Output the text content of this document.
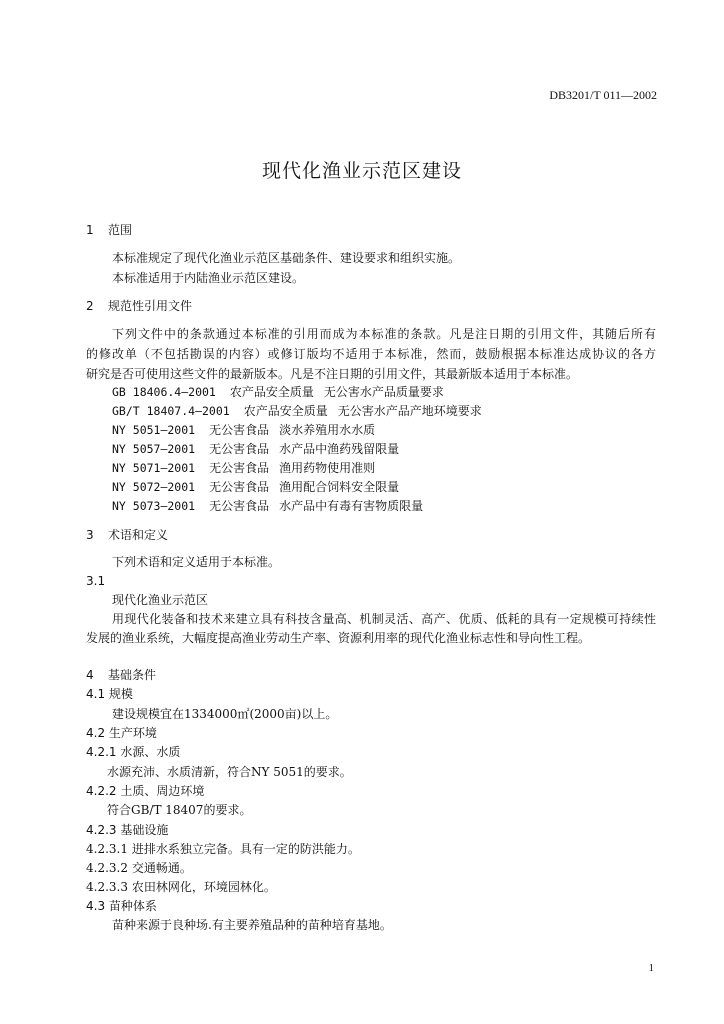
DB3201/T 011—2002
现代化渔业示范区建设
1 范围
本标准规定了现代化渔业示范区基础条件、建设要求和组织实施。
本标准适用于内陆渔业示范区建设。
2 规范性引用文件
下列文件中的条款通过本标准的引用而成为本标准的条款。凡是注日期的引用文件，其随后所有
的修改单（不包括勘误的内容）或修订版均不适用于本标准，然而，鼓励根据本标准达成协议的各方
研究是否可使用这些文件的最新版本。凡是不注日期的引用文件，其最新版本适用于本标准。
GB 18406.4—2001 农产品安全质量 无公害水产品质量要求
GB/T 18407.4—2001 农产品安全质量 无公害水产品产地环境要求
NY 5051—2001 无公害食品 淡水养殖用水水质
NY 5057—2001 无公害食品 水产品中渔药残留限量
NY 5071—2001 无公害食品 渔用药物使用准则
NY 5072—2001 无公害食品 渔用配合饲料安全限量
NY 5073—2001 无公害食品 水产品中有毒有害物质限量
3 术语和定义
下列术语和定义适用于本标准。
3.1
现代化渔业示范区
用现代化装备和技术来建立具有科技含量高、机制灵活、高产、优质、低耗的具有一定规模可持续性
发展的渔业系统，大幅度提高渔业劳动生产率、资源利用率的现代化渔业标志性和导向性工程。
4 基础条件
4.1 规模
建设规模宜在1334000㎡(2000亩)以上。
4.2 生产环境
4.2.1 水源、水质
水源充沛、水质清新，符合NY 5051的要求。
4.2.2 土质、周边环境
符合GB/T 18407的要求。
4.2.3 基础设施
4.2.3.1 进排水系独立完备。具有一定的防洪能力。
4.2.3.2 交通畅通。
4.2.3.3 农田林网化，环境园林化。
4.3 苗种体系
苗种来源于良种场.有主要养殖品种的苗种培育基地。
1
